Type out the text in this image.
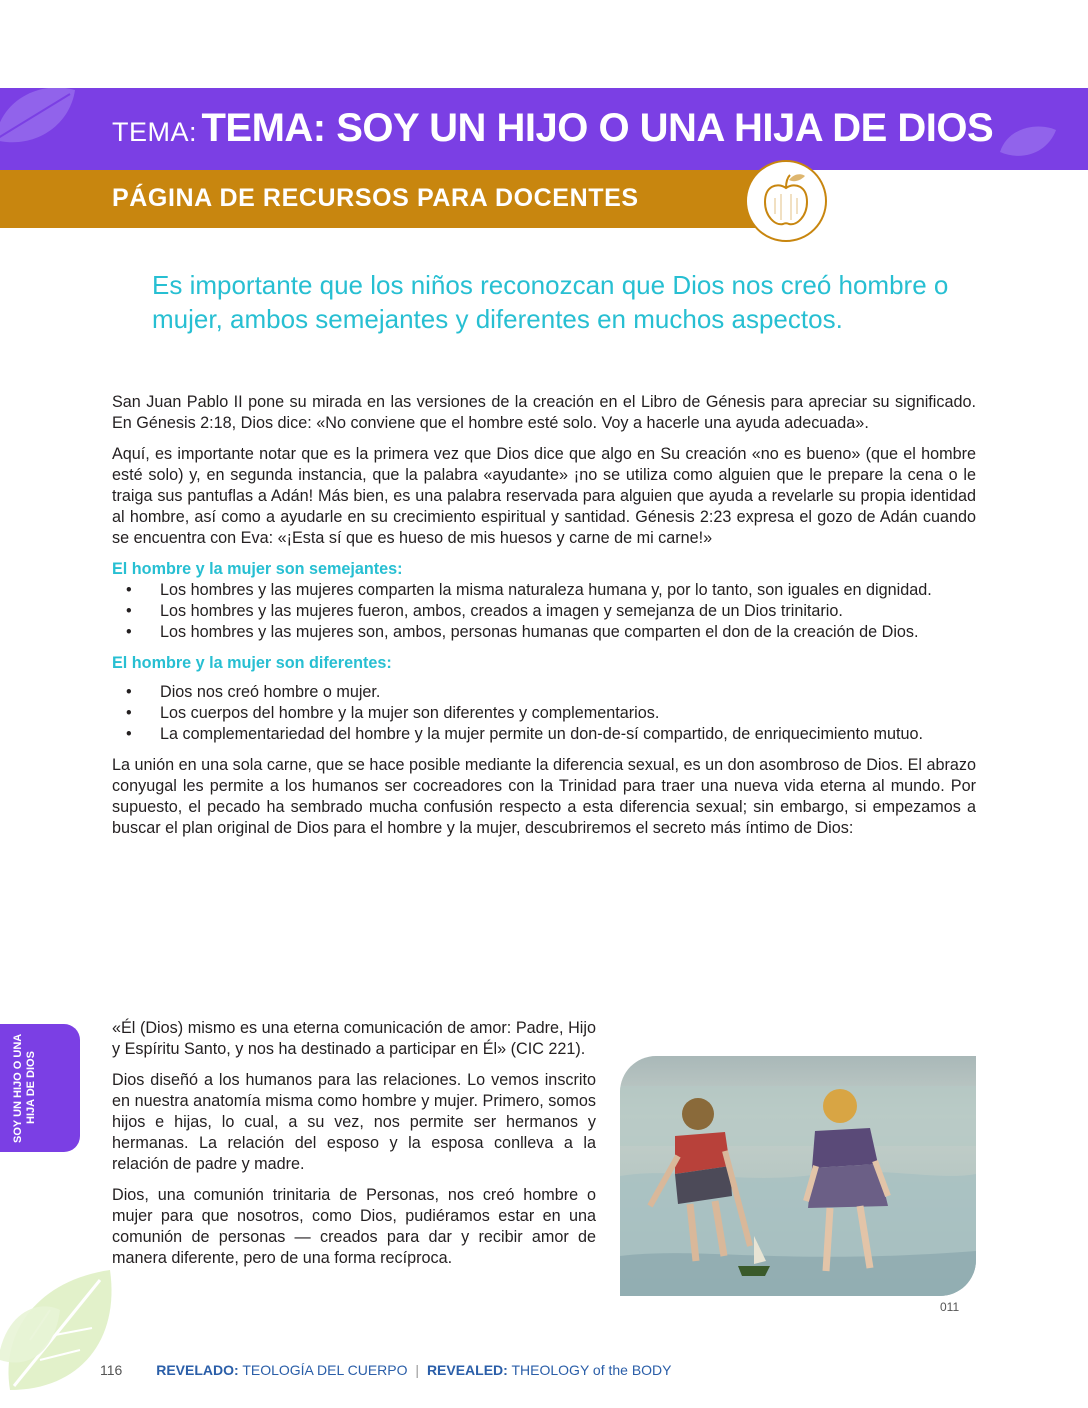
TEMA: TEMA: SOY UN HIJO O UNA HIJA DE DIOS
PÁGINA DE RECURSOS PARA DOCENTES
Es importante que los niños reconozcan que Dios nos creó hombre o mujer, ambos semejantes y diferentes en muchos aspectos.

San Juan Pablo II pone su mirada en las versiones de la creación en el Libro de Génesis para apreciar su significado. En Génesis 2:18, Dios dice: «No conviene que el hombre esté solo. Voy a hacerle una ayuda adecuada».

Aquí, es importante notar que es la primera vez que Dios dice que algo en Su creación «no es bueno» (que el hombre esté solo) y, en segunda instancia, que la palabra «ayudante» ¡no se utiliza como alguien que le prepare la cena o le traiga sus pantuflas a Adán! Más bien, es una palabra reservada para alguien que ayuda a revelarle su propia identidad al hombre, así como a ayudarle en su crecimiento espiritual y santidad. Génesis 2:23 expresa el gozo de Adán cuando se encuentra con Eva: «¡Esta sí que es hueso de mis huesos y carne de mi carne!»

El hombre y la mujer son semejantes:
• Los hombres y las mujeres comparten la misma naturaleza humana y, por lo tanto, son iguales en dignidad.
• Los hombres y las mujeres fueron, ambos, creados a imagen y semejanza de un Dios trinitario.
• Los hombres y las mujeres son, ambos, personas humanas que comparten el don de la creación de Dios.
El hombre y la mujer son diferentes:
• Dios nos creó hombre o mujer.
• Los cuerpos del hombre y la mujer son diferentes y complementarios.
• La complementariedad del hombre y la mujer permite un don-de-sí compartido, de enriquecimiento mutuo.

La unión en una sola carne, que se hace posible mediante la diferencia sexual, es un don asombroso de Dios. El abrazo conyugal les permite a los humanos ser cocreadores con la Trinidad para traer una nueva vida eterna al mundo. Por supuesto, el pecado ha sembrado mucha confusión respecto a esta diferencia sexual; sin embargo, si empezamos a buscar el plan original de Dios para el hombre y la mujer, descubriremos el secreto más íntimo de Dios:

«Él (Dios) mismo es una eterna comunicación de amor: Padre, Hijo y Espíritu Santo, y nos ha destinado a participar en Él» (CIC 221).

Dios diseñó a los humanos para las relaciones. Lo vemos inscrito en nuestra anatomía misma como hombre y mujer. Primero, somos hijos e hijas, lo cual, a su vez, nos permite ser hermanos y hermanas. La relación del esposo y la esposa conlleva a la relación de padre y madre.

Dios, una comunión trinitaria de Personas, nos creó hombre o mujer para que nosotros, como Dios, pudiéramos estar en una comunión de personas — creados para dar y recibir amor de manera diferente, pero de una forma recíproca.

011
SOY UN HIJO O UNA HIJA DE DIOS
116 REVELADO: TEOLOGÍA DEL CUERPO | REVEALED: THEOLOGY of the BODY
